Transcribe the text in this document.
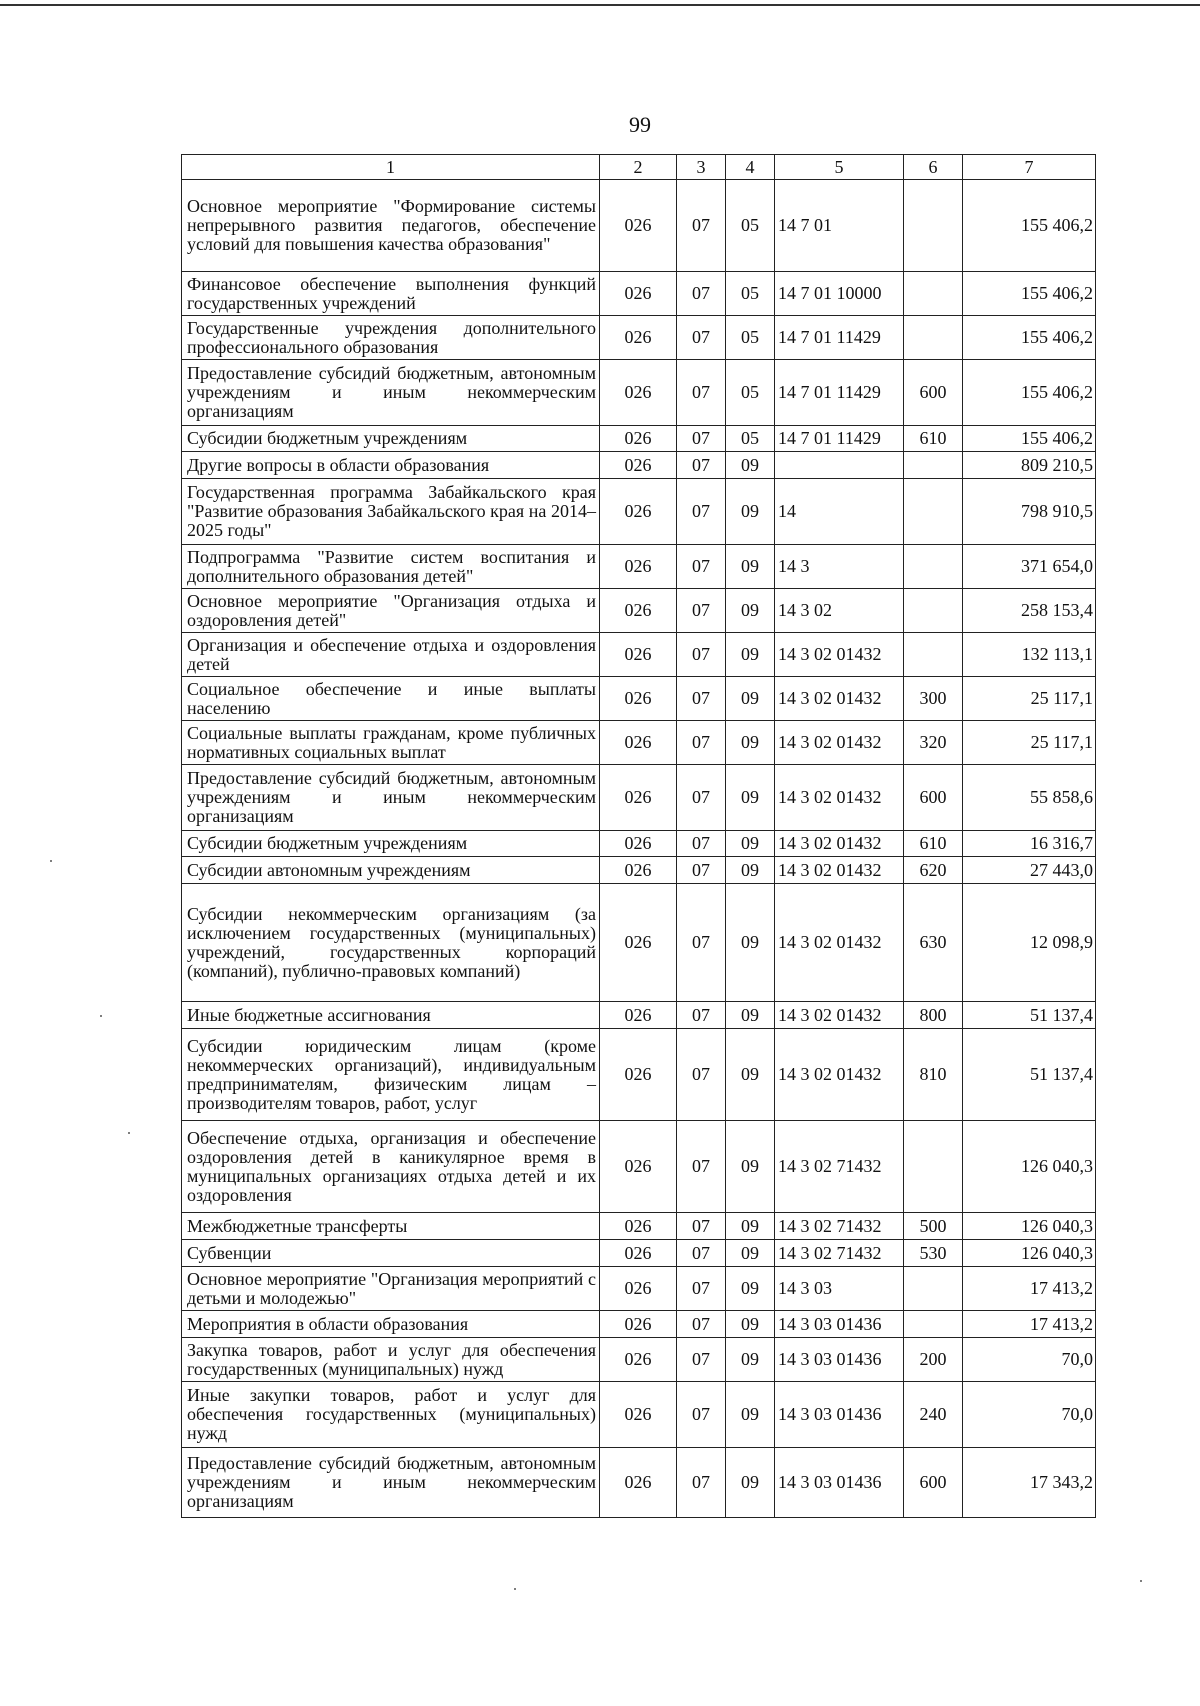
99
1	2	3	4	5	6	7
Основное мероприятие "Формирование системы непрерывного развития педагогов, обеспечение условий для повышения качества образования"	026	07	05	14 7 01		155 406,2
Финансовое обеспечение выполнения функций государственных учреждений	026	07	05	14 7 01 10000		155 406,2
Государственные учреждения дополнительного профессионального образования	026	07	05	14 7 01 11429		155 406,2
Предоставление субсидий бюджетным, автономным учреждениям и иным некоммерческим организациям	026	07	05	14 7 01 11429	600	155 406,2
Субсидии бюджетным учреждениям	026	07	05	14 7 01 11429	610	155 406,2
Другие вопросы в области образования	026	07	09			809 210,5
Государственная программа Забайкальского края "Развитие образования Забайкальского края на 2014–2025 годы"	026	07	09	14		798 910,5
Подпрограмма "Развитие систем воспитания и дополнительного образования детей"	026	07	09	14 3		371 654,0
Основное мероприятие "Организация отдыха и оздоровления детей"	026	07	09	14 3 02		258 153,4
Организация и обеспечение отдыха и оздоровления детей	026	07	09	14 3 02 01432		132 113,1
Социальное обеспечение и иные выплаты населению	026	07	09	14 3 02 01432	300	25 117,1
Социальные выплаты гражданам, кроме публичных нормативных социальных выплат	026	07	09	14 3 02 01432	320	25 117,1
Предоставление субсидий бюджетным, автономным учреждениям и иным некоммерческим организациям	026	07	09	14 3 02 01432	600	55 858,6
Субсидии бюджетным учреждениям	026	07	09	14 3 02 01432	610	16 316,7
Субсидии автономным учреждениям	026	07	09	14 3 02 01432	620	27 443,0
Субсидии некоммерческим организациям (за исключением государственных (муниципальных) учреждений, государственных корпораций (компаний), публично-правовых компаний)	026	07	09	14 3 02 01432	630	12 098,9
Иные бюджетные ассигнования	026	07	09	14 3 02 01432	800	51 137,4
Субсидии юридическим лицам (кроме некоммерческих организаций), индивидуальным предпринимателям, физическим лицам – производителям товаров, работ, услуг	026	07	09	14 3 02 01432	810	51 137,4
Обеспечение отдыха, организация и обеспечение оздоровления детей в каникулярное время в муниципальных организациях отдыха детей и их оздоровления	026	07	09	14 3 02 71432		126 040,3
Межбюджетные трансферты	026	07	09	14 3 02 71432	500	126 040,3
Субвенции	026	07	09	14 3 02 71432	530	126 040,3
Основное мероприятие "Организация мероприятий с детьми и молодежью"	026	07	09	14 3 03		17 413,2
Мероприятия в области образования	026	07	09	14 3 03 01436		17 413,2
Закупка товаров, работ и услуг для обеспечения государственных (муниципальных) нужд	026	07	09	14 3 03 01436	200	70,0
Иные закупки товаров, работ и услуг для обеспечения государственных (муниципальных) нужд	026	07	09	14 3 03 01436	240	70,0
Предоставление субсидий бюджетным, автономным учреждениям и иным некоммерческим организациям	026	07	09	14 3 03 01436	600	17 343,2
